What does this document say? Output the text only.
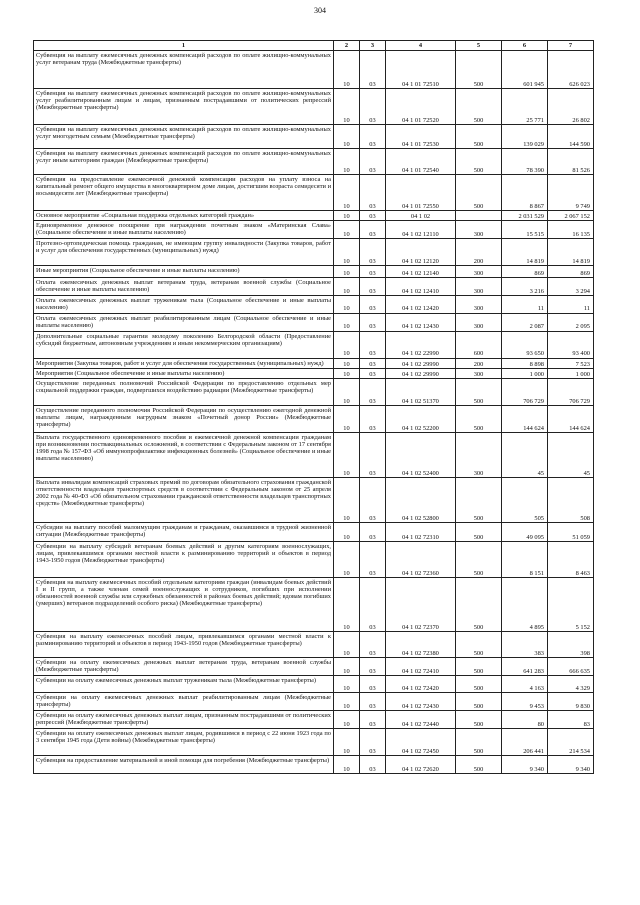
304
1	2	3	4	5	6	7
Субвенция на выплату ежемесячных денежных компенсаций расходов по оплате жилищно-коммунальных услуг ветеранам труда (Межбюджетные трансферты)	10	03	04 1 01 72510	500	601 945	626 023
Субвенция на выплату ежемесячных денежных компенсаций расходов по оплате жилищно-коммунальных услуг реабилитированным лицам и лицам, признанным пострадавшими от политических репрессий (Межбюджетные трансферты)	10	03	04 1 01 72520	500	25 771	26 802
Субвенция на выплату ежемесячных денежных компенсаций расходов по оплате жилищно-коммунальных услуг многодетным семьям (Межбюджетные трансферты)	10	03	04 1 01 72530	500	139 029	144 590
Субвенция на выплату ежемесячных денежных компенсаций расходов по оплате жилищно-коммунальных услуг иным категориям граждан (Межбюджетные трансферты)	10	03	04 1 01 72540	500	78 390	81 526
Субвенция на предоставление ежемесячной денежной компенсации расходов на уплату взноса на капитальный ремонт общего имущества в многоквартирном доме лицам, достигшим возраста семидесяти и восьмидесяти лет (Межбюджетные трансферты)	10	03	04 1 01 72550	500	8 867	9 749
Основное мероприятие «Социальная поддержка отдельных категорий граждан»	10	03	04 1 02		2 031 529	2 067 152
Единовременное денежное поощрение при награждении почетным знаком «Материнская Слава» (Социальное обеспечение и иные выплаты населению)	10	03	04 1 02 12110	300	15 515	16 135
Протезно-ортопедическая помощь гражданам, не имеющим группу инвалидности (Закупка товаров, работ и услуг для обеспечения государственных (муниципальных) нужд)	10	03	04 1 02 12120	200	14 819	14 819
Иные мероприятия (Социальное обеспечение и иные выплаты населению)	10	03	04 1 02 12140	300	869	869
Оплата ежемесячных денежных выплат ветеранам труда, ветеранам военной службы (Социальное обеспечение и иные выплаты населению)	10	03	04 1 02 12410	300	3 216	3 294
Оплата ежемесячных денежных выплат труженикам тыла (Социальное обеспечение и иные выплаты населению)	10	03	04 1 02 12420	300	11	11
Оплата ежемесячных денежных выплат реабилитированным лицам (Социальное обеспечение и иные выплаты населению)	10	03	04 1 02 12430	300	2 087	2 095
Дополнительные социальные гарантии молодому поколению Белгородской области (Предоставление субсидий бюджетным, автономным учреждениям и иным некоммерческим организациям)	10	03	04 1 02 22990	600	93 650	93 400
Мероприятия (Закупка товаров, работ и услуг для обеспечения государственных (муниципальных) нужд)	10	03	04 1 02 29990	200	8 898	7 523
Мероприятия (Социальное обеспечение и иные выплаты населению)	10	03	04 1 02 29990	300	1 000	1 000
Осуществление переданных полномочий Российской Федерации по предоставлению отдельных мер социальной поддержки граждан, подвергшихся воздействию радиации (Межбюджетные трансферты)	10	03	04 1 02 51370	500	706 729	706 729
Осуществление переданного полномочия Российской Федерации по осуществлению ежегодной денежной выплаты лицам, награжденным нагрудным знаком «Почетный донор России» (Межбюджетные трансферты)	10	03	04 1 02 52200	500	144 624	144 624
Выплата государственного единовременного пособия и ежемесячной денежной компенсации гражданам при возникновении поствакцинальных осложнений, в соответствии с Федеральным законом от 17 сентября 1998 года № 157-ФЗ «Об иммунопрофилактике инфекционных болезней» (Социальное обеспечение и иные выплаты населению)	10	03	04 1 02 52400	300	45	45
Выплата инвалидам компенсаций страховых премий по договорам обязательного страхования гражданской ответственности владельцев транспортных средств в соответствии с Федеральным законом от 25 апреля 2002 года № 40-ФЗ «Об обязательном страховании гражданской ответственности владельцев транспортных средств» (Межбюджетные трансферты)	10	03	04 1 02 52800	500	505	508
Субсидии на выплату пособий малоимущим гражданам и гражданам, оказавшимся в трудной жизненной ситуации (Межбюджетные трансферты)	10	03	04 1 02 72310	500	49 095	51 059
Субвенции на выплату субсидий ветеранам боевых действий и другим категориям военнослужащих, лицам, привлекавшимся органами местной власти к разминированию территорий и объектов в период 1943-1950 годов (Межбюджетные трансферты)	10	03	04 1 02 72360	500	8 151	8 463
Субвенция на выплату ежемесячных пособий отдельным категориям граждан (инвалидам боевых действий I и II групп, а также членам семей военнослужащих и сотрудников, погибших при исполнении обязанностей военной службы или служебных обязанностей в районах боевых действий; вдовам погибших (умерших) ветеранов подразделений особого риска) (Межбюджетные трансферты)	10	03	04 1 02 72370	500	4 895	5 152
Субвенция на выплату ежемесячных пособий лицам, привлекавшимся органами местной власти к разминированию территорий и объектов в период 1943-1950 годов (Межбюджетные трансферты)	10	03	04 1 02 72380	500	383	398
Субвенции на оплату ежемесячных денежных выплат ветеранам труда, ветеранам военной службы (Межбюджетные трансферты)	10	03	04 1 02 72410	500	641 283	666 635
Субвенции на оплату ежемесячных денежных выплат труженикам тыла (Межбюджетные трансферты)	10	03	04 1 02 72420	500	4 163	4 329
Субвенции на оплату ежемесячных денежных выплат реабилитированным лицам (Межбюджетные трансферты)	10	03	04 1 02 72430	500	9 453	9 830
Субвенции на оплату ежемесячных денежных выплат лицам, признанным пострадавшими от политических репрессий (Межбюджетные трансферты)	10	03	04 1 02 72440	500	80	83
Субвенции на оплату ежемесячных денежных выплат лицам, родившимся в период с 22 июня 1923 года по 3 сентября 1945 года (Дети войны) (Межбюджетные трансферты)	10	03	04 1 02 72450	500	206 441	214 534
Субвенция на предоставление материальной и иной помощи для погребения (Межбюджетные трансферты)	10	03	04 1 02 72620	500	9 340	9 340
